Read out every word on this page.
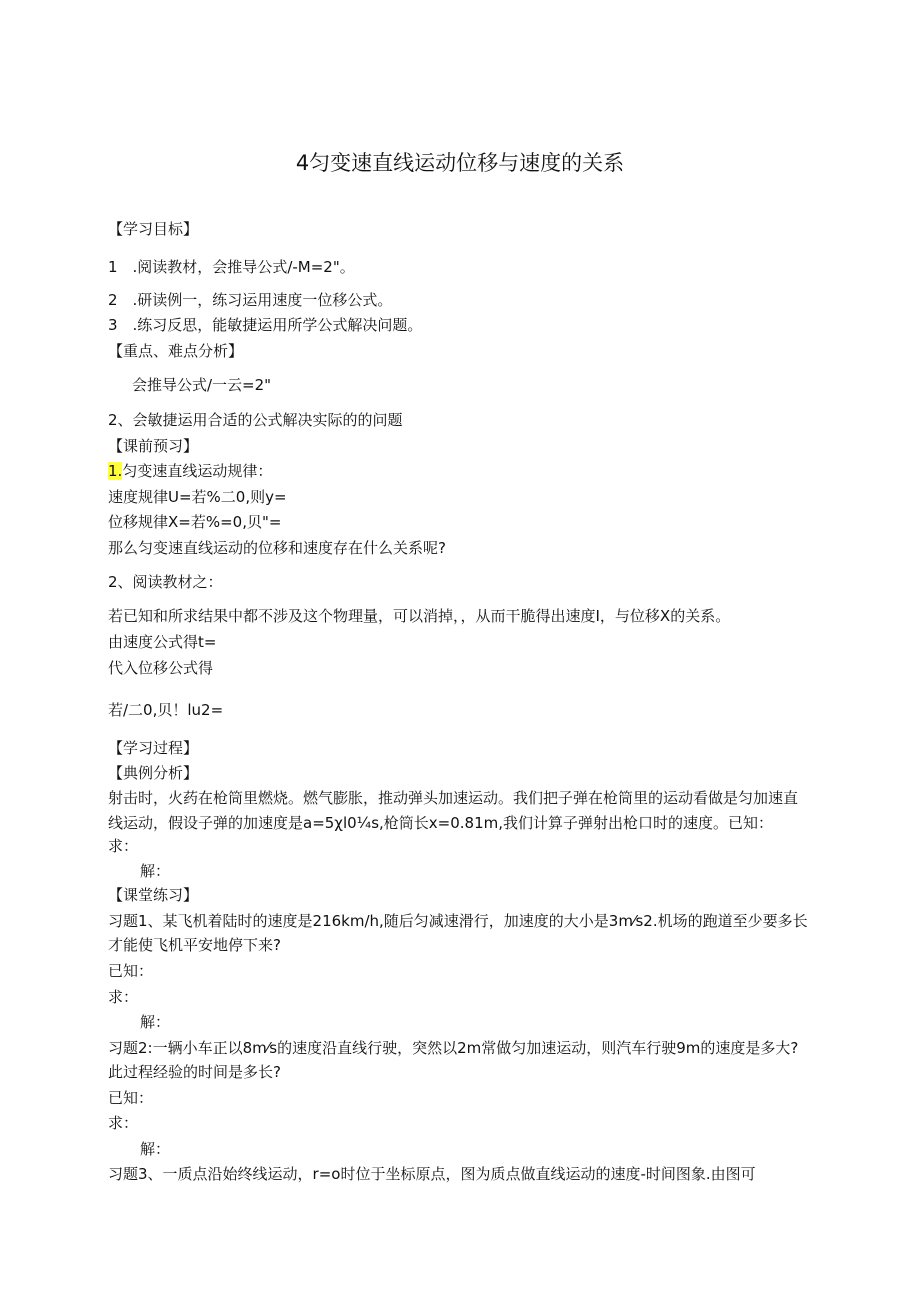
4匀变速直线运动位移与速度的关系
【学习目标】
1　.阅读教材，会推导公式/-M=2"。
2　.研读例一，练习运用速度一位移公式。
3　.练习反思，能敏捷运用所学公式解决问题。
【重点、难点分析】
会推导公式/一云=2"
2、会敏捷运用合适的公式解决实际的的问题
【课前预习】
1.匀变速直线运动规律：
速度规律U=若%二0,则y=
位移规律X=若%=0,贝"=
那么匀变速直线运动的位移和速度存在什么关系呢?
2、阅读教材之：
若已知和所求结果中都不涉及这个物理量，可以消掉，，从而干脆得出速度I，与位移X的关系。
由速度公式得t=
代入位移公式得
若/二0,贝！lu2=
【学习过程】
【典例分析】
射击时，火药在枪筒里燃烧。燃气膨胀，推动弹头加速运动。我们把子弹在枪筒里的运动看做是匀加速直
线运动，假设子弹的加速度是a=5χl0¼s,枪筒长x=0.81m,我们计算子弹射出枪口时的速度。已知：
求：
解：
【课堂练习】
习题1、某飞机着陆时的速度是216km/h,随后匀减速滑行，加速度的大小是3m⁄s2.机场的跑道至少要多长
才能使飞机平安地停下来?
已知：
求：
解：
习题2:一辆小车正以8m⁄s的速度沿直线行驶，突然以2m常做匀加速运动，则汽车行驶9m的速度是多大?
此过程经验的时间是多长?
已知：
求：
解：
习题3、一质点沿始终线运动，r=o时位于坐标原点，图为质点做直线运动的速度-时间图象.由图可
